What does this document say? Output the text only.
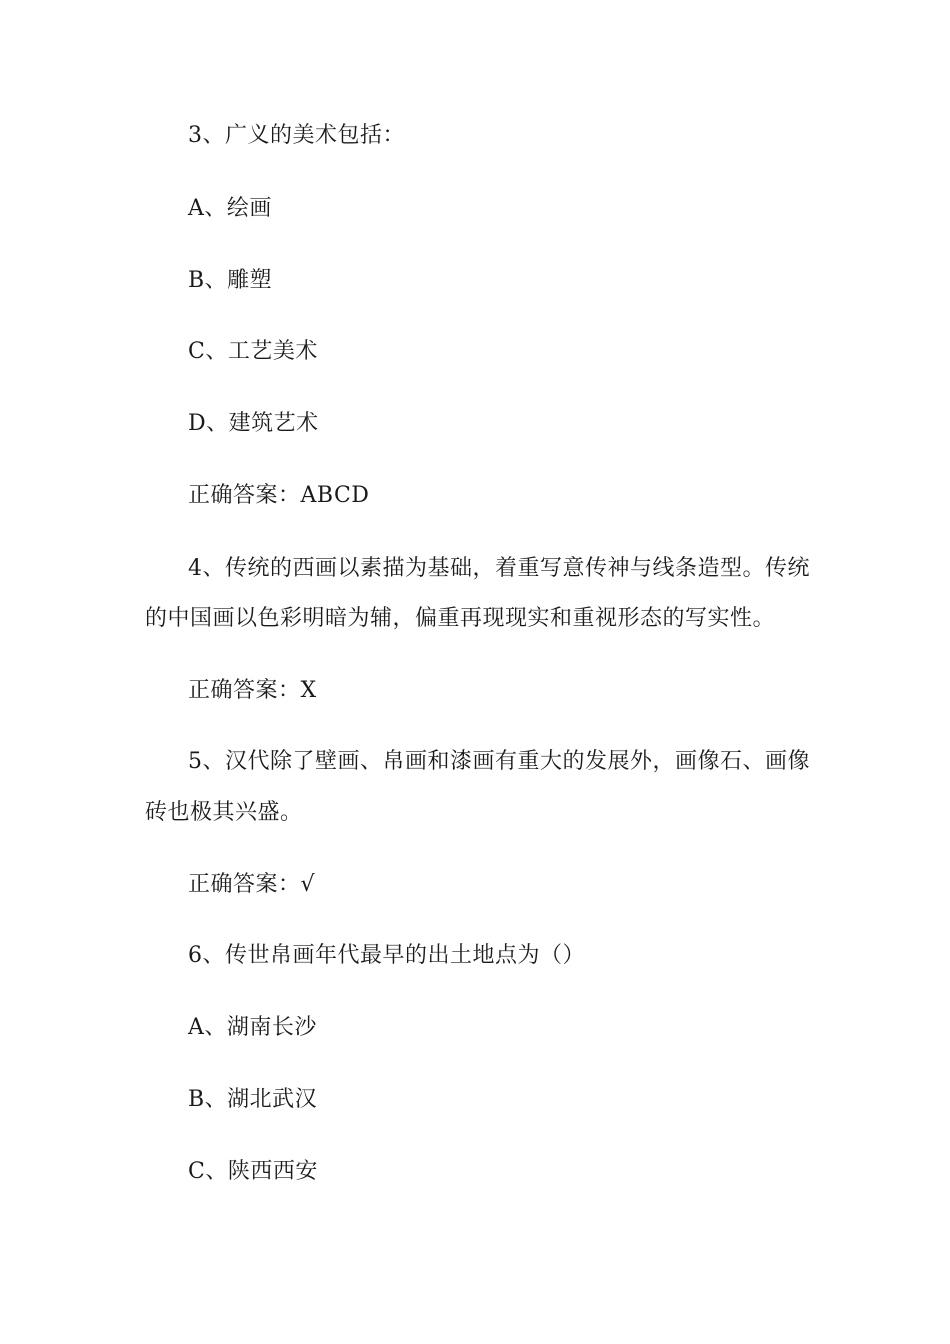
3、广义的美术包括：
A、绘画
B、雕塑
C、工艺美术
D、建筑艺术
正确答案：ABCD
4、传统的西画以素描为基础，着重写意传神与线条造型。传统
的中国画以色彩明暗为辅，偏重再现现实和重视形态的写实性。
正确答案：X
5、汉代除了壁画、帛画和漆画有重大的发展外，画像石、画像
砖也极其兴盛。
正确答案：√
6、传世帛画年代最早的出土地点为（）
A、湖南长沙
B、湖北武汉
C、陕西西安
